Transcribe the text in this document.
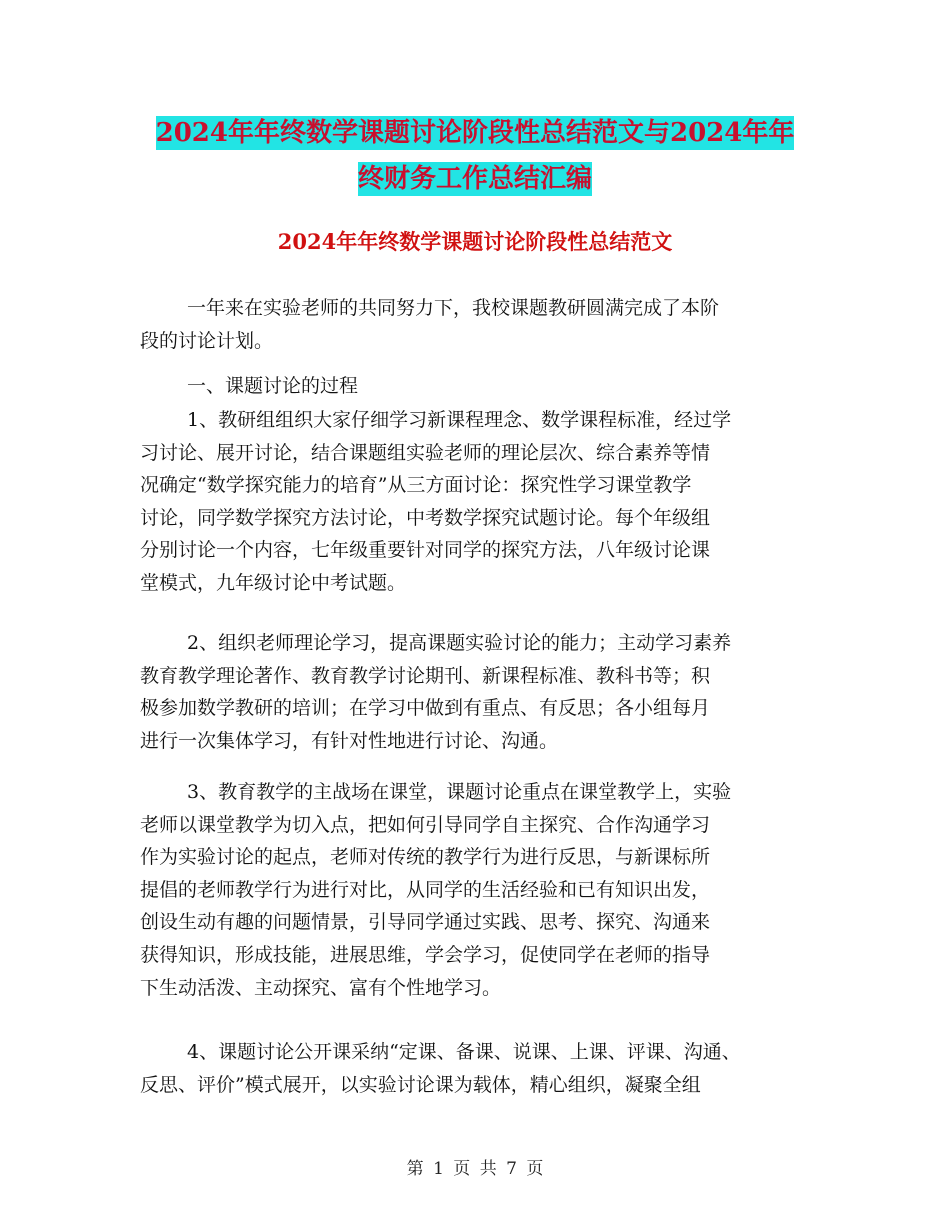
2024年年终数学课题讨论阶段性总结范文与2024年年
终财务工作总结汇编
2024年年终数学课题讨论阶段性总结范文
一年来在实验老师的共同努力下，我校课题教研圆满完成了本阶
段的讨论计划。
一、课题讨论的过程
1、教研组组织大家仔细学习新课程理念、数学课程标准，经过学
习讨论、展开讨论，结合课题组实验老师的理论层次、综合素养等情
况确定“数学探究能力的培育”从三方面讨论：探究性学习课堂教学
讨论，同学数学探究方法讨论，中考数学探究试题讨论。每个年级组
分别讨论一个内容，七年级重要针对同学的探究方法，八年级讨论课
堂模式，九年级讨论中考试题。
2、组织老师理论学习，提高课题实验讨论的能力；主动学习素养
教育教学理论著作、教育教学讨论期刊、新课程标准、教科书等；积
极参加数学教研的培训；在学习中做到有重点、有反思；各小组每月
进行一次集体学习，有针对性地进行讨论、沟通。
3、教育教学的主战场在课堂，课题讨论重点在课堂教学上，实验
老师以课堂教学为切入点，把如何引导同学自主探究、合作沟通学习
作为实验讨论的起点，老师对传统的教学行为进行反思，与新课标所
提倡的老师教学行为进行对比，从同学的生活经验和已有知识出发，
创设生动有趣的问题情景，引导同学通过实践、思考、探究、沟通来
获得知识，形成技能，进展思维，学会学习，促使同学在老师的指导
下生动活泼、主动探究、富有个性地学习。
4、课题讨论公开课采纳“定课、备课、说课、上课、评课、沟通、
反思、评价”模式展开，以实验讨论课为载体，精心组织，凝聚全组
第 1 页 共 7 页
